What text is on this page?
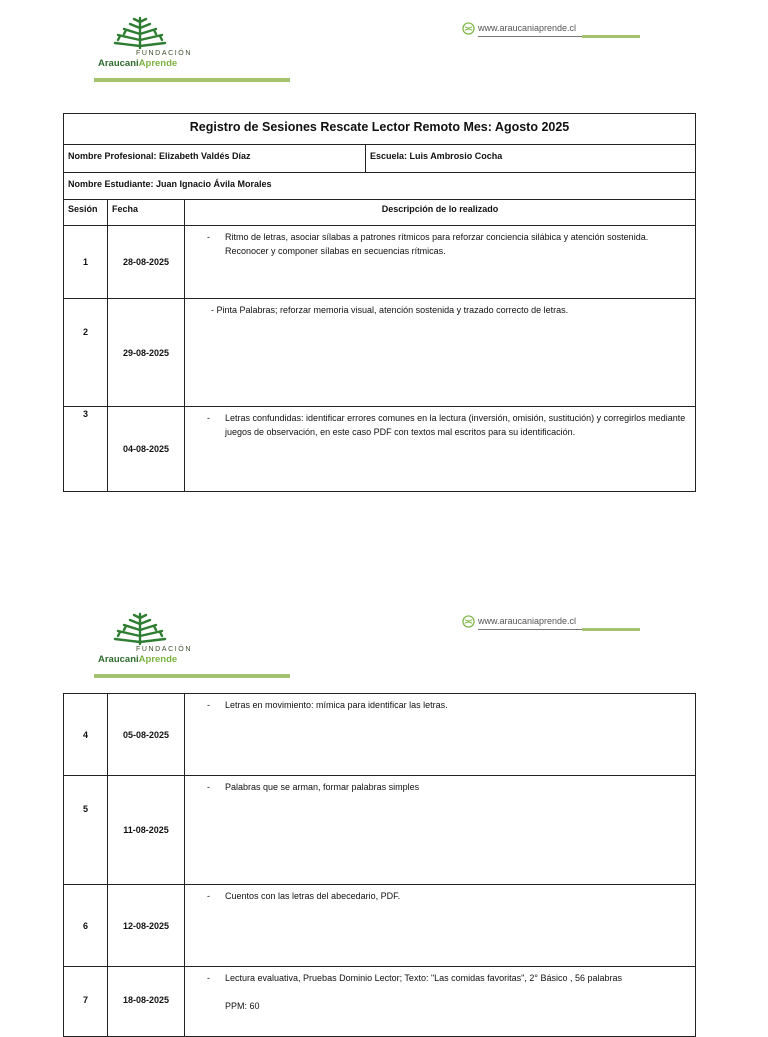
FUNDACIÓN
AraucaniAprende
www.araucaniaprende.cl
Registro de Sesiones Rescate Lector Remoto Mes: Agosto 2025			
Nombre Profesional: Elizabeth Valdés Díaz			Escuela: Luis Ambrosio Cocha
Nombre Estudiante: Juan Ignacio Ávila Morales			
Sesión	Fecha	Descripción de lo realizado	
1	28-08-2025	- Ritmo de letras, asociar sílabas a patrones rítmicos para reforzar conciencia silábica y atención sostenida. Reconocer y componer sílabas en secuencias rítmicas.	

2	29-08-2025	- Pinta Palabras; reforzar memoria visual, atención sostenida y trazado correcto de letras.	

3	04-08-2025	- Letras confundidas: identificar errores comunes en la lectura (inversión, omisión, sustitución) y corregirlos mediante juegos de observación, en este caso PDF con textos mal escritos para su identificación.	

FUNDACIÓN
AraucaniAprende
www.araucaniaprende.cl
4	05-08-2025	- Letras en movimiento: mímica para identificar las letras.

5	11-08-2025	- Palabras que se arman, formar palabras simples

6	12-08-2025	- Cuentos con las letras del abecedario, PDF.

7	18-08-2025	- Lectura evaluativa, Pruebas Dominio Lector; Texto: "Las comidas favoritas", 2° Básico , 56 palabras

PPM: 60
